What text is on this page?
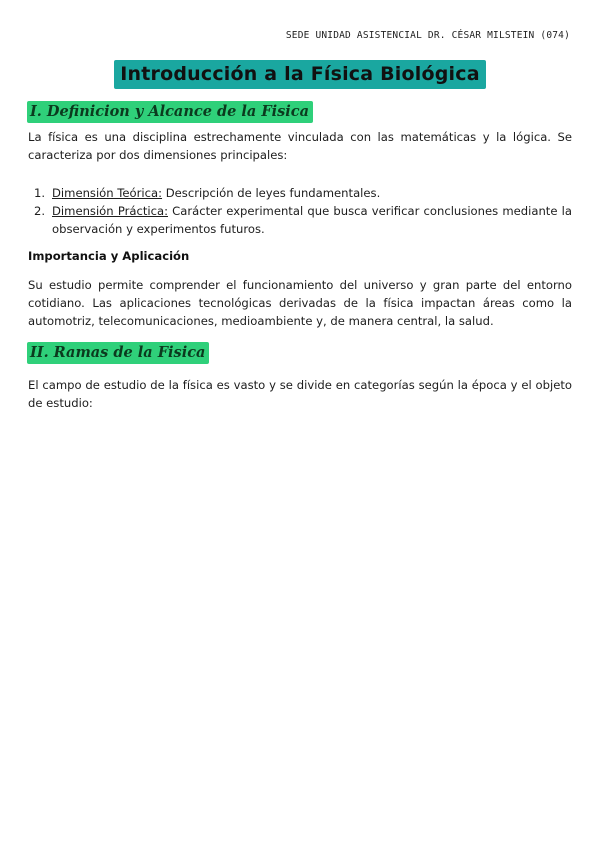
SEDE UNIDAD ASISTENCIAL DR. CÉSAR MILSTEIN (074)
Introducción a la Física Biológica
I. Definicion y Alcance de la Fisica

La física es una disciplina estrechamente vinculada con las matemáticas y la lógica. Se caracteriza por dos dimensiones principales:

1. Dimensión Teórica: Descripción de leyes fundamentales.
2. Dimensión Práctica: Carácter experimental que busca verificar conclusiones mediante la observación y experimentos futuros.
Importancia y Aplicación

Su estudio permite comprender el funcionamiento del universo y gran parte del entorno cotidiano. Las aplicaciones tecnológicas derivadas de la física impactan áreas como la automotriz, telecomunicaciones, medioambiente y, de manera central, la salud.

II. Ramas de la Fisica

El campo de estudio de la física es vasto y se divide en categorías según la época y el objeto de estudio:
